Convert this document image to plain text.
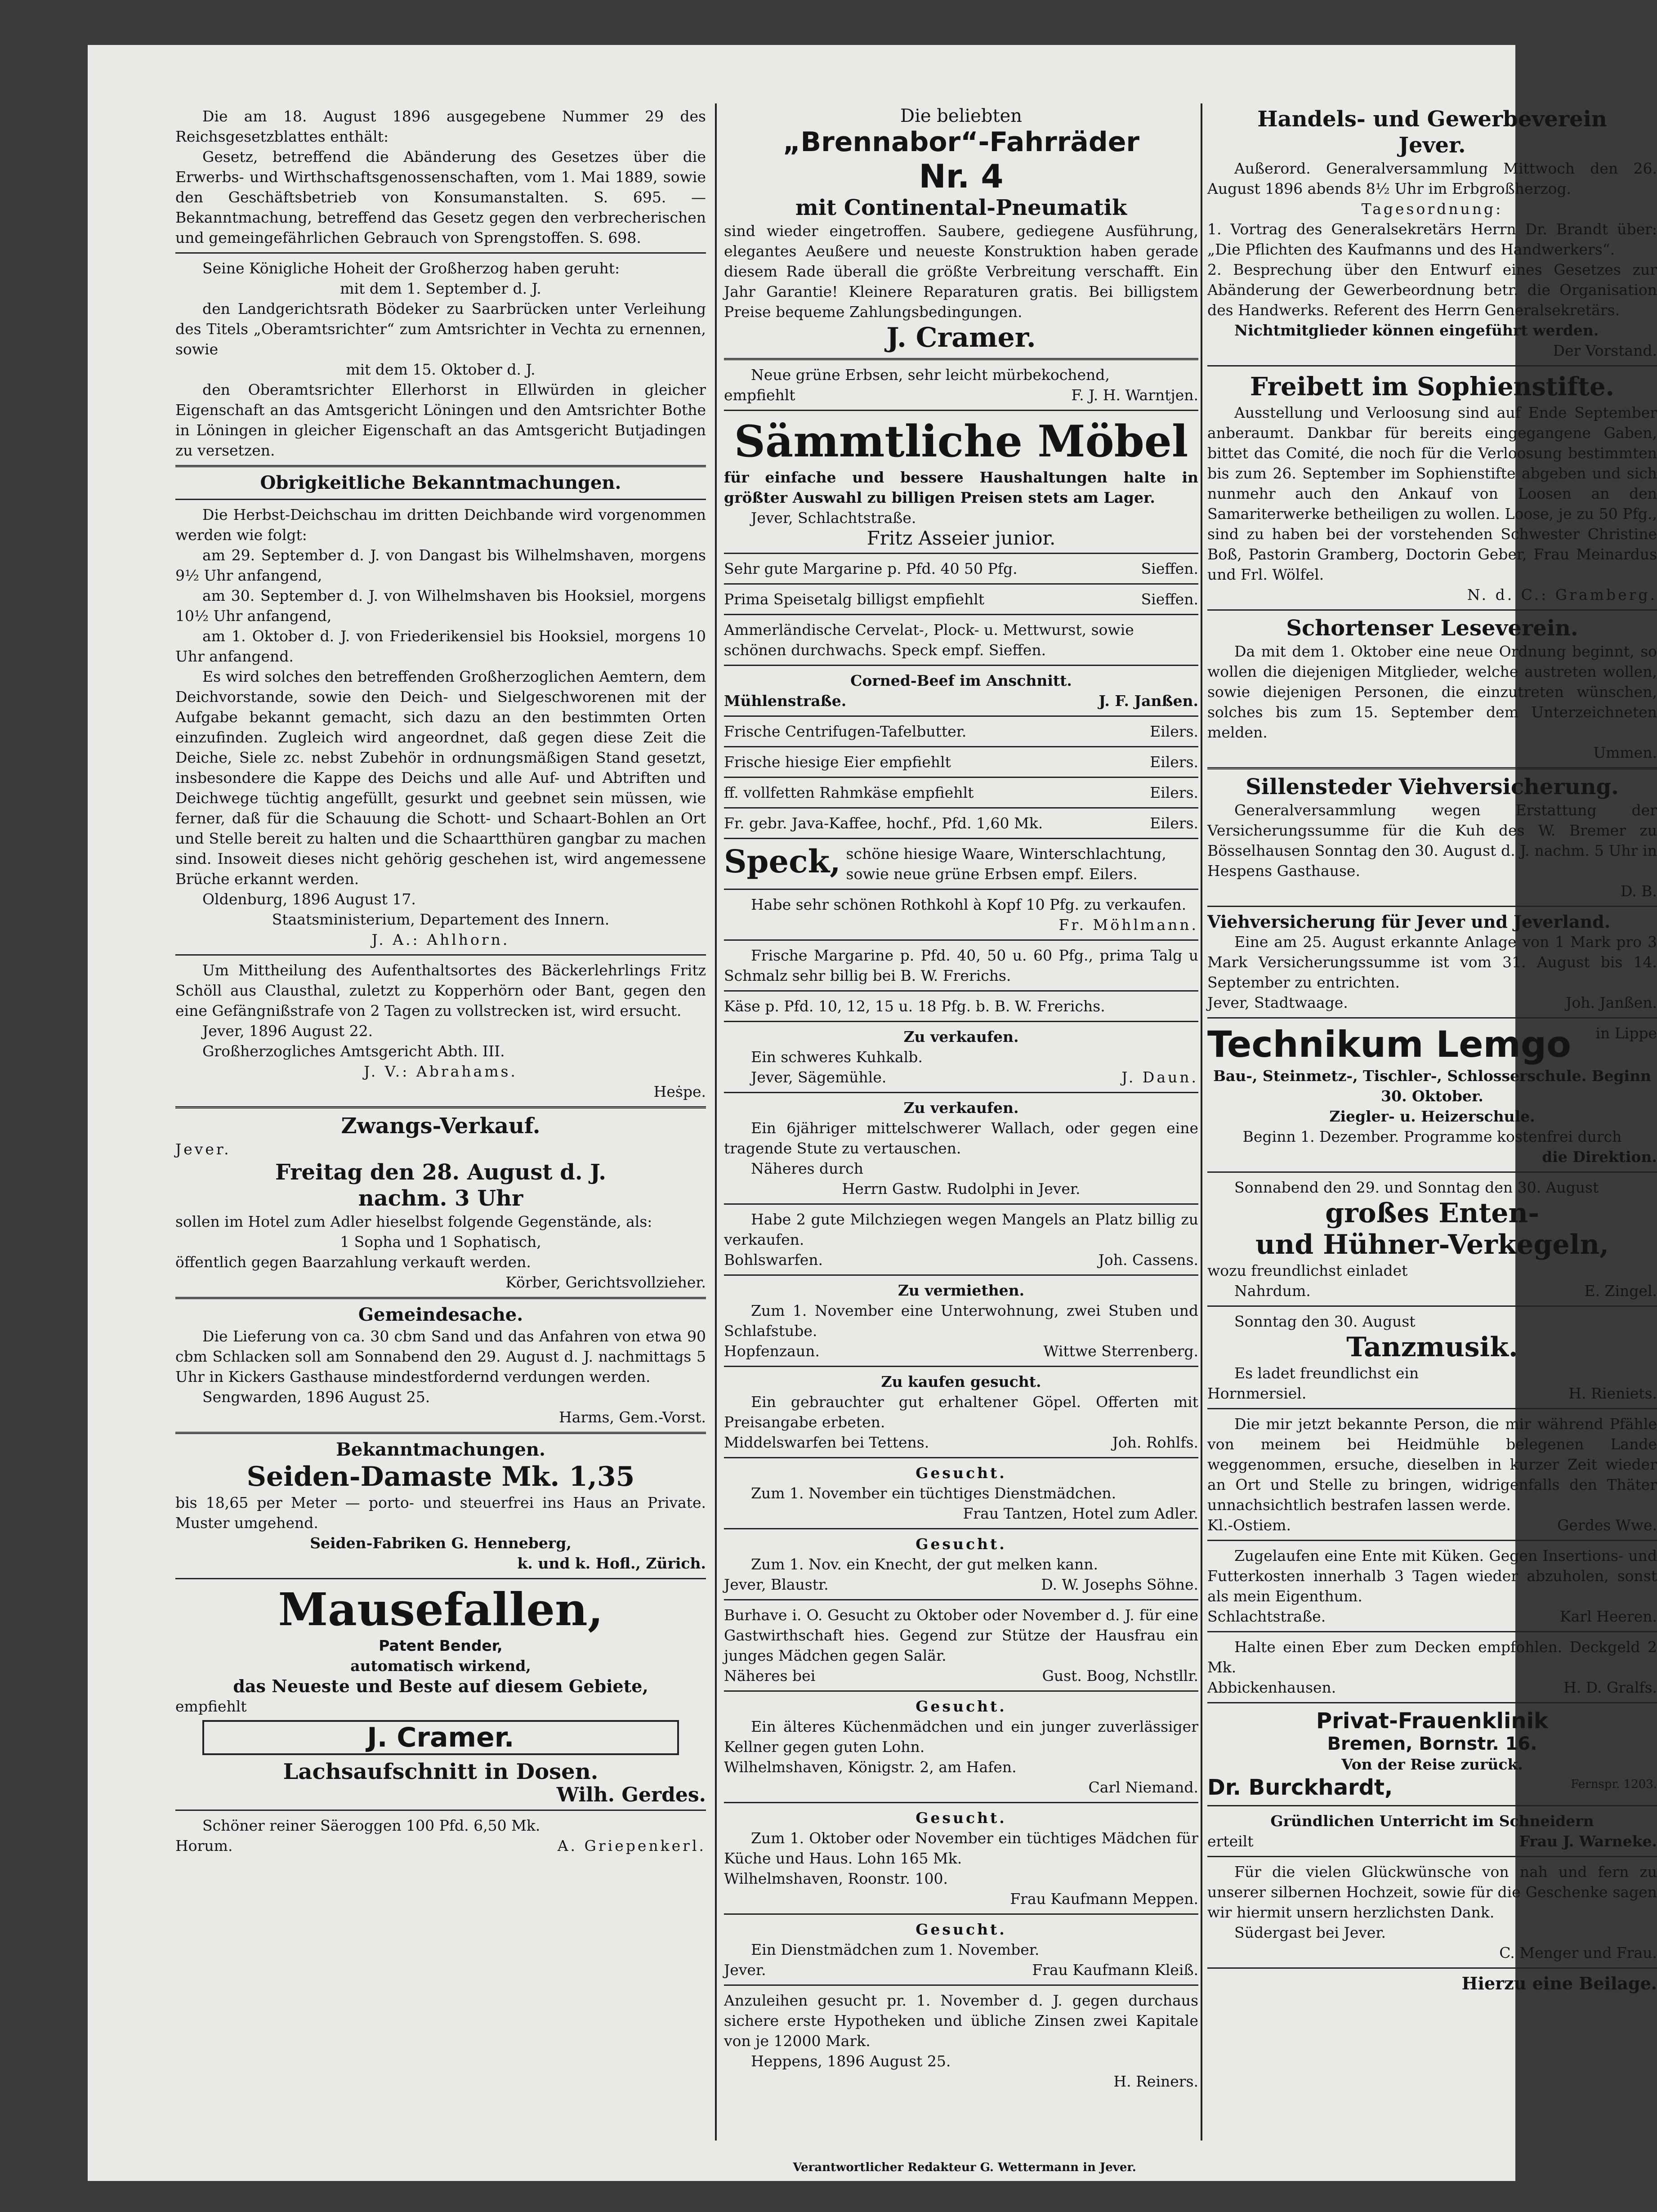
Die am 18. August 1896 ausgegebene Nummer 29 des Reichsgesetzblattes enthält:

Gesetz, betreffend die Abänderung des Gesetzes über die Erwerbs- und Wirthschaftsgenossenschaften, vom 1. Mai 1889, sowie den Geschäftsbetrieb von Konsumanstalten. S. 695. — Bekanntmachung, betreffend das Gesetz gegen den verbrecherischen und gemeingefährlichen Gebrauch von Sprengstoffen. S. 698.

Seine Königliche Hoheit der Großherzog haben geruht:

mit dem 1. September d. J.

den Landgerichtsrath Bödeker zu Saarbrücken unter Verleihung des Titels „Oberamtsrichter“ zum Amtsrichter in Vechta zu ernennen, sowie

mit dem 15. Oktober d. J.

den Oberamtsrichter Ellerhorst in Ellwürden in gleicher Eigenschaft an das Amtsgericht Löningen und den Amtsrichter Bothe in Löningen in gleicher Eigenschaft an das Amtsgericht Butjadingen zu versetzen.

Obrigkeitliche Bekanntmachungen.

Die Herbst-Deichschau im dritten Deichbande wird vorgenommen werden wie folgt:

am 29. September d. J. von Dangast bis Wilhelmshaven, morgens 9½ Uhr anfangend,

am 30. September d. J. von Wilhelmshaven bis Hooksiel, morgens 10½ Uhr anfangend,

am 1. Oktober d. J. von Friederikensiel bis Hooksiel, morgens 10 Uhr anfangend.

Es wird solches den betreffenden Großherzoglichen Aemtern, dem Deichvorstande, sowie den Deich- und Sielgeschworenen mit der Aufgabe bekannt gemacht, sich dazu an den bestimmten Orten einzufinden. Zugleich wird angeordnet, daß gegen diese Zeit die Deiche, Siele zc. nebst Zubehör in ordnungsmäßigen Stand gesetzt, insbesondere die Kappe des Deichs und alle Auf- und Abtriften und Deichwege tüchtig angefüllt, gesurkt und geebnet sein müssen, wie ferner, daß für die Schauung die Schott- und Schaart-Bohlen an Ort und Stelle bereit zu halten und die Schaartthüren gangbar zu machen sind. Insoweit dieses nicht gehörig geschehen ist, wird angemessene Brüche erkannt werden.

Oldenburg, 1896 August 17.

Staatsministerium, Departement des Innern.

J. A.: Ahlhorn.

Um Mittheilung des Aufenthaltsortes des Bäckerlehrlings Fritz Schöll aus Clausthal, zuletzt zu Kopperhörn oder Bant, gegen den eine Gefängnißstrafe von 2 Tagen zu vollstrecken ist, wird ersucht.

Jever, 1896 August 22.

Großherzogliches Amtsgericht Abth. III.

J. V.: Abrahams.

Heṡpe.

Zwangs-Verkauf.

Jever.

Freitag den 28. August d. J.

nachm. 3 Uhr

sollen im Hotel zum Adler hieselbst folgende Gegenstände, als:

1 Sopha und 1 Sophatisch,

öffentlich gegen Baarzahlung verkauft werden.

Körber, Gerichtsvollzieher.

Gemeindesache.

Die Lieferung von ca. 30 cbm Sand und das Anfahren von etwa 90 cbm Schlacken soll am Sonnabend den 29. August d. J. nachmittags 5 Uhr in Kickers Gasthause mindestfordernd verdungen werden.

Sengwarden, 1896 August 25.

Harms, Gem.-Vorst.

Bekanntmachungen.

Seiden-Damaste Mk. 1,35

bis 18,65 per Meter — porto- und steuerfrei ins Haus an Private. Muster umgehend.

Seiden-Fabriken G. Henneberg,

k. und k. Hofl., Zürich.

Mausefallen,

Patent Bender,

automatisch wirkend,

das Neueste und Beste auf diesem Gebiete,

empfiehlt

J. Cramer.

Lachsaufschnitt in Dosen.

Wilh. Gerdes.

Schöner reiner Säeroggen 100 Pfd. 6,50 Mk.

Horum.	A. Griepenkerl.

Die beliebten

„Brennabor“-Fahrräder

Nr. 4

mit Continental-Pneumatik

sind wieder eingetroffen. Saubere, gediegene Ausführung, elegantes Aeußere und neueste Konstruktion haben gerade diesem Rade überall die größte Verbreitung verschafft. Ein Jahr Garantie! Kleinere Reparaturen gratis. Bei billigstem Preise bequeme Zahlungsbedingungen.

J. Cramer.

Neue grüne Erbsen, sehr leicht mürbekochend,

empfiehlt	F. J. H. Warntjen.

Sämmtliche Möbel

für einfache und bessere Haushaltungen halte in größter Auswahl zu billigen Preisen stets am Lager.

Jever, Schlachtstraße.

Fritz Asseier junior.

Sehr gute Margarine p. Pfd. 40 50 Pfg.	Sieffen.
Prima Speisetalg billigst empfiehlt	Sieffen.
Ammerländische Cervelat-, Plock- u. Mettwurst, sowie schönen durchwachs. Speck empf. Sieffen.

Corned-Beef im Anschnitt.

Mühlenstraße.	J. F. Janßen.
Frische Centrifugen-Tafelbutter.	Eilers.
Frische hiesige Eier empfiehlt	Eilers.
ff. vollfetten Rahmkäse empfiehlt	Eilers.
Fr. gebr. Java-Kaffee, hochf., Pfd. 1,60 Mk.	Eilers.
Speck, schöne hiesige Waare, Winterschlachtung, sowie neue grüne Erbsen empf. Eilers.

Habe sehr schönen Rothkohl à Kopf 10 Pfg. zu verkaufen.

Fr. Möhlmann.

Frische Margarine p. Pfd. 40, 50 u. 60 Pfg., prima Talg u Schmalz sehr billig bei B. W. Frerichs.

Käse p. Pfd. 10, 12, 15 u. 18 Pfg. b. B. W. Frerichs.

Zu verkaufen.

Ein schweres Kuhkalb.

Jever, Sägemühle.	J. Daun.

Zu verkaufen.

Ein 6jähriger mittelschwerer Wallach, oder gegen eine tragende Stute zu vertauschen.

Näheres durch

Herrn Gastw. Rudolphi in Jever.

Habe 2 gute Milchziegen wegen Mangels an Platz billig zu verkaufen.

Bohlswarfen.	Joh. Cassens.

Zu vermiethen.

Zum 1. November eine Unterwohnung, zwei Stuben und Schlafstube.

Hopfenzaun.	Wittwe Sterrenberg.

Zu kaufen gesucht.

Ein gebrauchter gut erhaltener Göpel. Offerten mit Preisangabe erbeten.

Middelswarfen bei Tettens.	Joh. Rohlfs.

Gesucht.

Zum 1. November ein tüchtiges Dienstmädchen.

Frau Tantzen, Hotel zum Adler.

Gesucht.

Zum 1. Nov. ein Knecht, der gut melken kann.

Jever, Blaustr.	D. W. Josephs Söhne.

Burhave i. O. Gesucht zu Oktober oder November d. J. für eine Gastwirthschaft hies. Gegend zur Stütze der Hausfrau ein junges Mädchen gegen Salär.

Näheres bei	Gust. Boog, Nchstllr.

Gesucht.

Ein älteres Küchenmädchen und ein junger zuverlässiger Kellner gegen guten Lohn.

Wilhelmshaven, Königstr. 2, am Hafen.

Carl Niemand.

Gesucht.

Zum 1. Oktober oder November ein tüchtiges Mädchen für Küche und Haus. Lohn 165 Mk.

Wilhelmshaven, Roonstr. 100.

Frau Kaufmann Meppen.

Gesucht.

Ein Dienstmädchen zum 1. November.

Jever.	Frau Kaufmann Kleiß.

Anzuleihen gesucht pr. 1. November d. J. gegen durchaus sichere erste Hypotheken und übliche Zinsen zwei Kapitale von je 12000 Mark.

Heppens, 1896 August 25.

H. Reiners.

Handels- und Gewerbeverein

Jever.

Außerord. Generalversammlung Mittwoch den 26. August 1896 abends 8½ Uhr im Erbgroßherzog.

Tagesordnung:

1. Vortrag des Generalsekretärs Herrn Dr. Brandt über: „Die Pflichten des Kaufmanns und des Handwerkers“.

2. Besprechung über den Entwurf eines Gesetzes zur Abänderung der Gewerbeordnung betr. die Organisation des Handwerks. Referent des Herrn Generalsekretärs.

Nichtmitglieder können eingeführt werden.

Der Vorstand.

Freibett im Sophienstifte.

Ausstellung und Verloosung sind auf Ende September anberaumt. Dankbar für bereits eingegangene Gaben, bittet das Comité, die noch für die Verloosung bestimmten bis zum 26. September im Sophienstifte abgeben und sich nunmehr auch den Ankauf von Loosen an den Samariterwerke betheiligen zu wollen. Loose, je zu 50 Pfg., sind zu haben bei der vorstehenden Schwester Christine Boß, Pastorin Gramberg, Doctorin Geber, Frau Meinardus und Frl. Wölfel.

N. d. C.: Gramberg.

Schortenser Leseverein.

Da mit dem 1. Oktober eine neue Ordnung beginnt, so wollen die diejenigen Mitglieder, welche austreten wollen, sowie diejenigen Personen, die einzutreten wünschen, solches bis zum 15. September dem Unterzeichneten melden.

Ummen.

Sillensteder Viehversicherung.

Generalversammlung wegen Erstattung der Versicherungssumme für die Kuh des W. Bremer zu Bösselhausen Sonntag den 30. August d. J. nachm. 5 Uhr in Hespens Gasthause.

D. B.

Viehversicherung für Jever und Jeverland.

Eine am 25. August erkannte Anlage von 1 Mark pro 3 Mark Versicherungssumme ist vom 31. August bis 14. September zu entrichten.

Jever, Stadtwaage.	Joh. Janßen.
Technikum Lemgo in Lippe

Bau-, Steinmetz-, Tischler-, Schlosserschule. Beginn 30. Oktober.

Ziegler- u. Heizerschule.

Beginn 1. Dezember. Programme kostenfrei durch

die Direktion.

Sonnabend den 29. und Sonntag den 30. August

großes Enten-

und Hühner-Verkegeln,

wozu freundlichst einladet

Nahrdum.	E. Zingel.

Sonntag den 30. August

Tanzmusik.

Es ladet freundlichst ein

Hornmersiel.	H. Rieniets.

Die mir jetzt bekannte Person, die mir während Pfähle von meinem bei Heidmühle belegenen Lande weggenommen, ersuche, dieselben in kurzer Zeit wieder an Ort und Stelle zu bringen, widrigenfalls den Thäter unnachsichtlich bestrafen lassen werde.

Kl.-Ostiem.	Gerdes Wwe.

Zugelaufen eine Ente mit Küken. Gegen Insertions- und Futterkosten innerhalb 3 Tagen wieder abzuholen, sonst als mein Eigenthum.

Schlachtstraße.	Karl Heeren.

Halte einen Eber zum Decken empfohlen. Deckgeld 2 Mk.

Abbickenhausen.	H. D. Gralfs.

Privat-Frauenklinik

Bremen, Bornstr. 16.

Von der Reise zurück.

Dr. Burckhardt,	Fernspr. 1203.

Gründlichen Unterricht im Schneidern

erteilt	Frau J. Warneke.

Für die vielen Glückwünsche von nah und fern zu unserer silbernen Hochzeit, sowie für die Geschenke sagen wir hiermit unsern herzlichsten Dank.

Südergast bei Jever.

C. Menger und Frau.

Hierzu eine Beilage.

Verantwortlicher Redakteur G. Wettermann in Jever.
